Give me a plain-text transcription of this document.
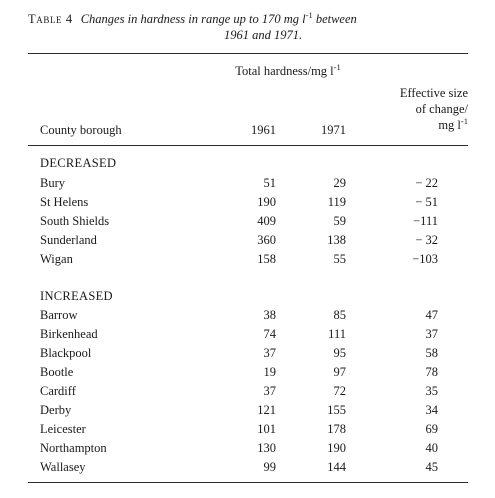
Table 4 Changes in hardness in range up to 170 mg $l^{-1}$ between
1961 and 1971.
Total hardness/mg $l^{-1}$
Effective size
of change/
mg $l^{-1}$
County borough	1961	1971
DECREASED
Bury	51	29	− 22
St Helens	190	119	− 51
South Shields	409	59	−111
Sunderland	360	138	− 32
Wigan	158	55	−103
INCREASED
Barrow	38	85	47
Birkenhead	74	111	37
Blackpool	37	95	58
Bootle	19	97	78
Cardiff	37	72	35
Derby	121	155	34
Leicester	101	178	69
Northampton	130	190	40
Wallasey	99	144	45
